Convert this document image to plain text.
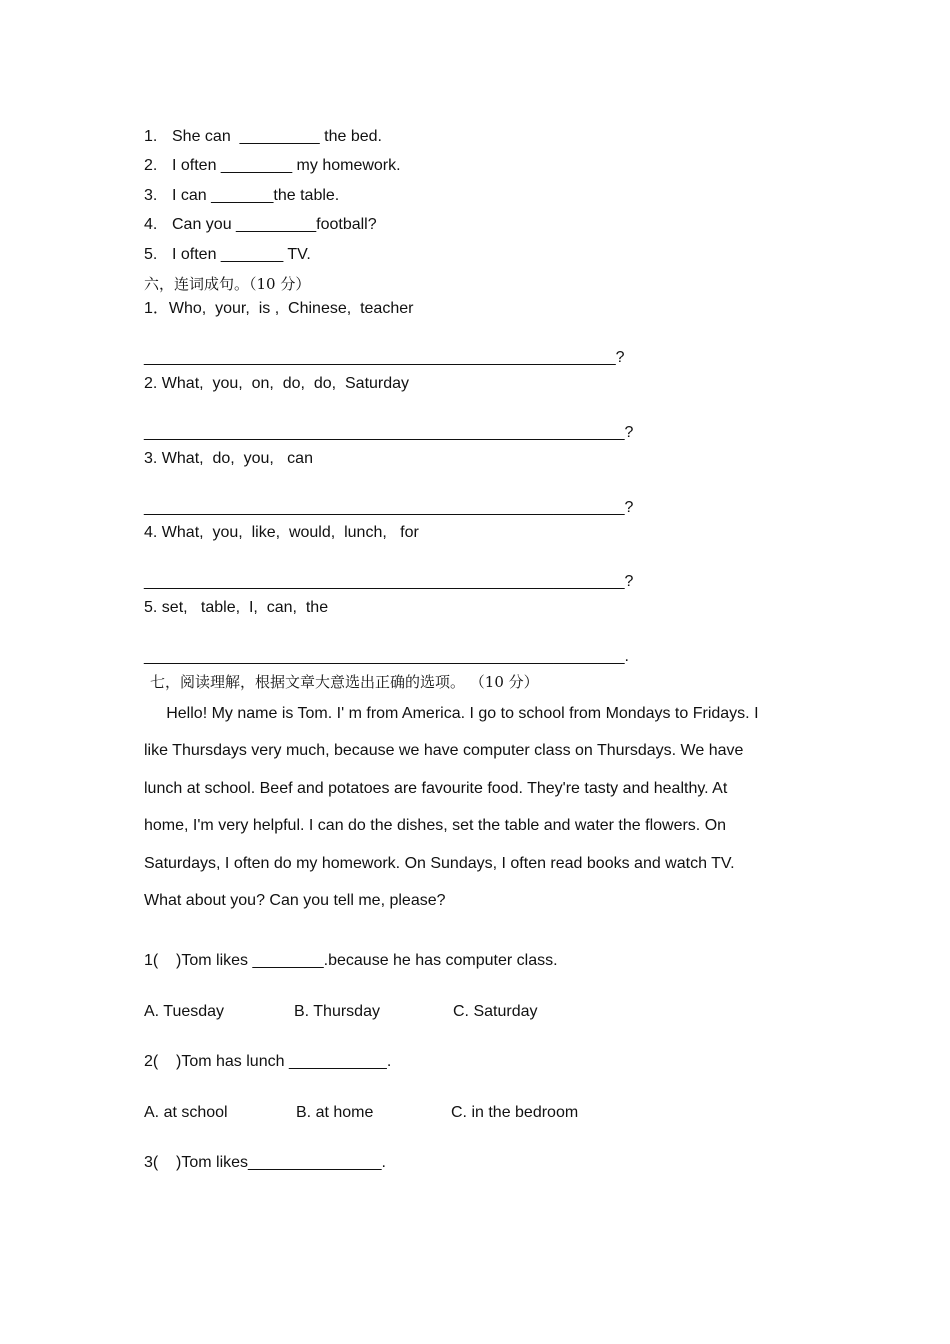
1. She can  _________ the bed.
2. I often ________ my homework.
3. I can _______the table.
4. Can you _________football?
5. I often _______ TV.
六，连词成句。（10 分）
1．Who,  your,  is ,  Chinese,  teacher
_____________________________________________________?
2. What,  you,  on,  do,  do,  Saturday
______________________________________________________?
3. What,  do,  you,   can
______________________________________________________?
4. What,  you,  like,  would,  lunch,   for
______________________________________________________?
5. set,   table,  I,  can,  the
______________________________________________________.
七，阅读理解，根据文章大意选出正确的选项。 （10 分）
Hello! My name is Tom. I' m from America. I go to school from Mondays to Fridays. I
like Thursdays very much, because we have computer class on Thursdays. We have
lunch at school. Beef and potatoes are favourite food. They're tasty and healthy. At
home, I'm very helpful. I can do the dishes, set the table and water the flowers. On
Saturdays, I often do my homework. On Sundays, I often read books and watch TV.
What about you? Can you tell me, please?
1(    )Tom likes ________.because he has computer class.
A. Tuesday	B. Thursday	C. Saturday
2(    )Tom has lunch ___________.
A. at school	B. at home	C. in the bedroom
3(    )Tom likes_______________.
